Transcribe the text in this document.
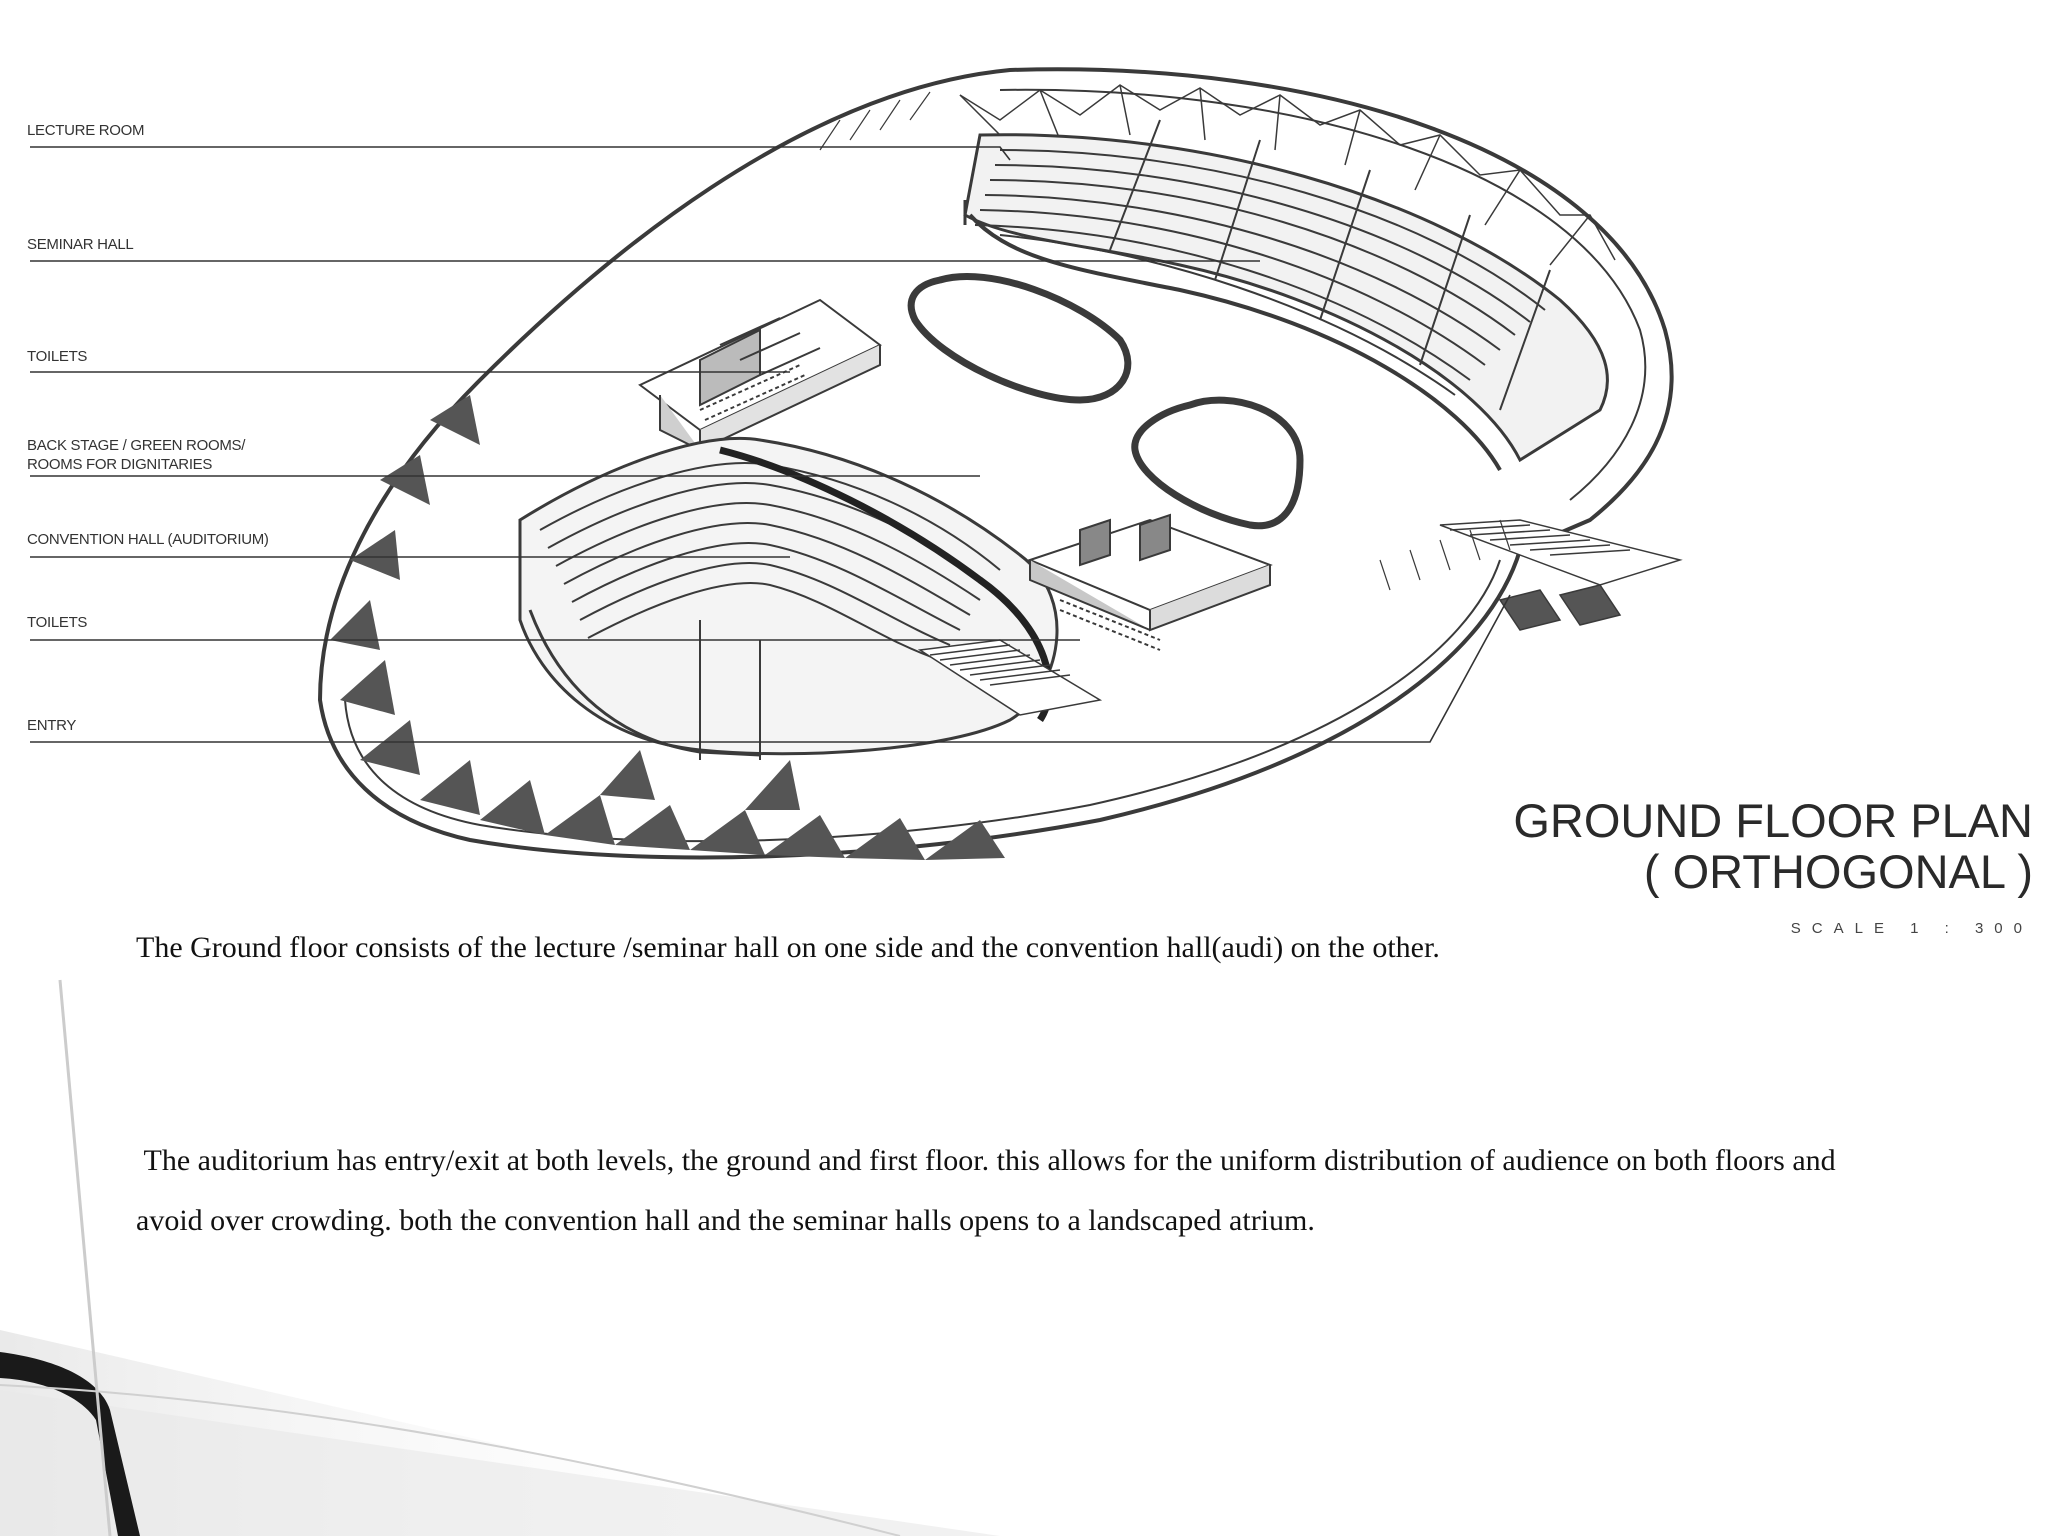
LECTURE ROOM
SEMINAR HALL
TOILETS
BACK STAGE / GREEN ROOMS/
ROOMS FOR DIGNITARIES
CONVENTION HALL (AUDITORIUM)
TOILETS
ENTRY
GROUND FLOOR PLAN
( ORTHOGONAL )
SCALE 1 : 300

The Ground floor consists of the lecture /seminar hall on one side and the convention hall(audi) on the other.

The auditorium has entry/exit at both levels, the ground and first floor. this allows for the uniform distribution of audience on both floors and avoid over crowding. both the convention hall and the seminar halls opens to a landscaped atrium.
